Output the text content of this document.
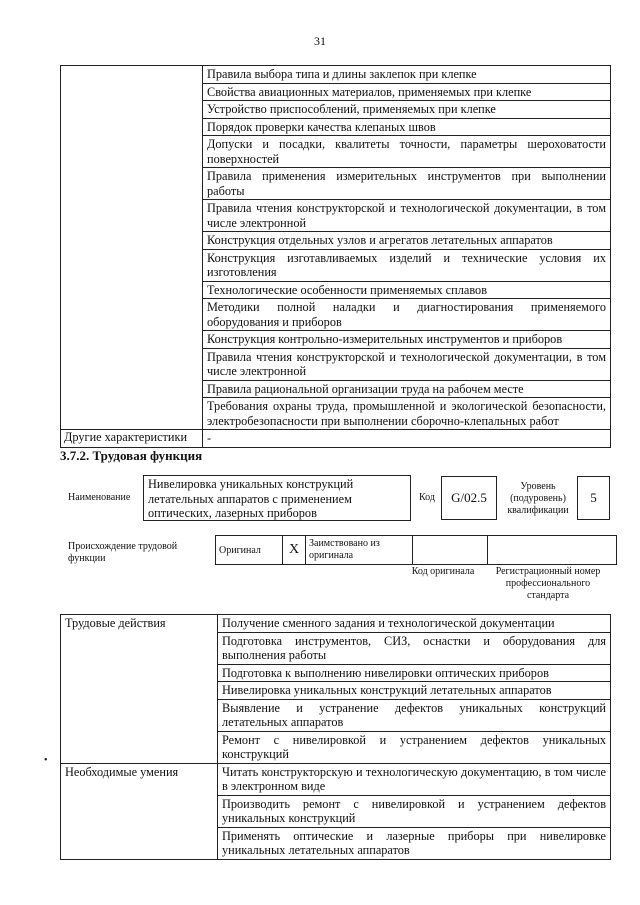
31
	Правила выбора типа и длины заклепок при клепке
	Свойства авиационных материалов, применяемых при клепке
	Устройство приспособлений, применяемых при клепке
	Порядок проверки качества клепаных швов
	Допуски и посадки, квалитеты точности, параметры шероховатости поверхностей
	Правила применения измерительных инструментов при выполнении работы
	Правила чтения конструкторской и технологической документации, в том числе электронной
	Конструкция отдельных узлов и агрегатов летательных аппаратов
	Конструкция изготавливаемых изделий и технические условия их изготовления
	Технологические особенности применяемых сплавов
	Методики полной наладки и диагностирования применяемого оборудования и приборов
	Конструкция контрольно-измерительных инструментов и приборов
	Правила чтения конструкторской и технологической документации, в том числе электронной
	Правила рациональной организации труда на рабочем месте
	Требования охраны труда, промышленной и экологической безопасности, электробезопасности при выполнении сборочно-клепальных работ
Другие характеристики	-
3.7.2. Трудовая функция
Наименование
Нивелировка уникальных конструкций летательных аппаратов с применением оптических, лазерных приборов
Код	G/02.5
Уровень (подуровень) квалификации
5
Происхождение трудовой функции
Оригинал	X	Заимствовано из оригинала		
Код оригинала	Регистрационный номер профессионального стандарта
Трудовые действия	Получение сменного задания и технологической документации
	Подготовка инструментов, СИЗ, оснастки и оборудования для выполнения работы
	Подготовка к выполнению нивелировки оптических приборов
	Нивелировка уникальных конструкций летательных аппаратов
	Выявление и устранение дефектов уникальных конструкций летательных аппаратов
	Ремонт с нивелировкой и устранением дефектов уникальных конструкций
Необходимые умения	Читать конструкторскую и технологическую документацию, в том числе в электронном виде
	Производить ремонт с нивелировкой и устранением дефектов уникальных конструкций
	Применять оптические и лазерные приборы при нивелировке уникальных летательных аппаратов
•
